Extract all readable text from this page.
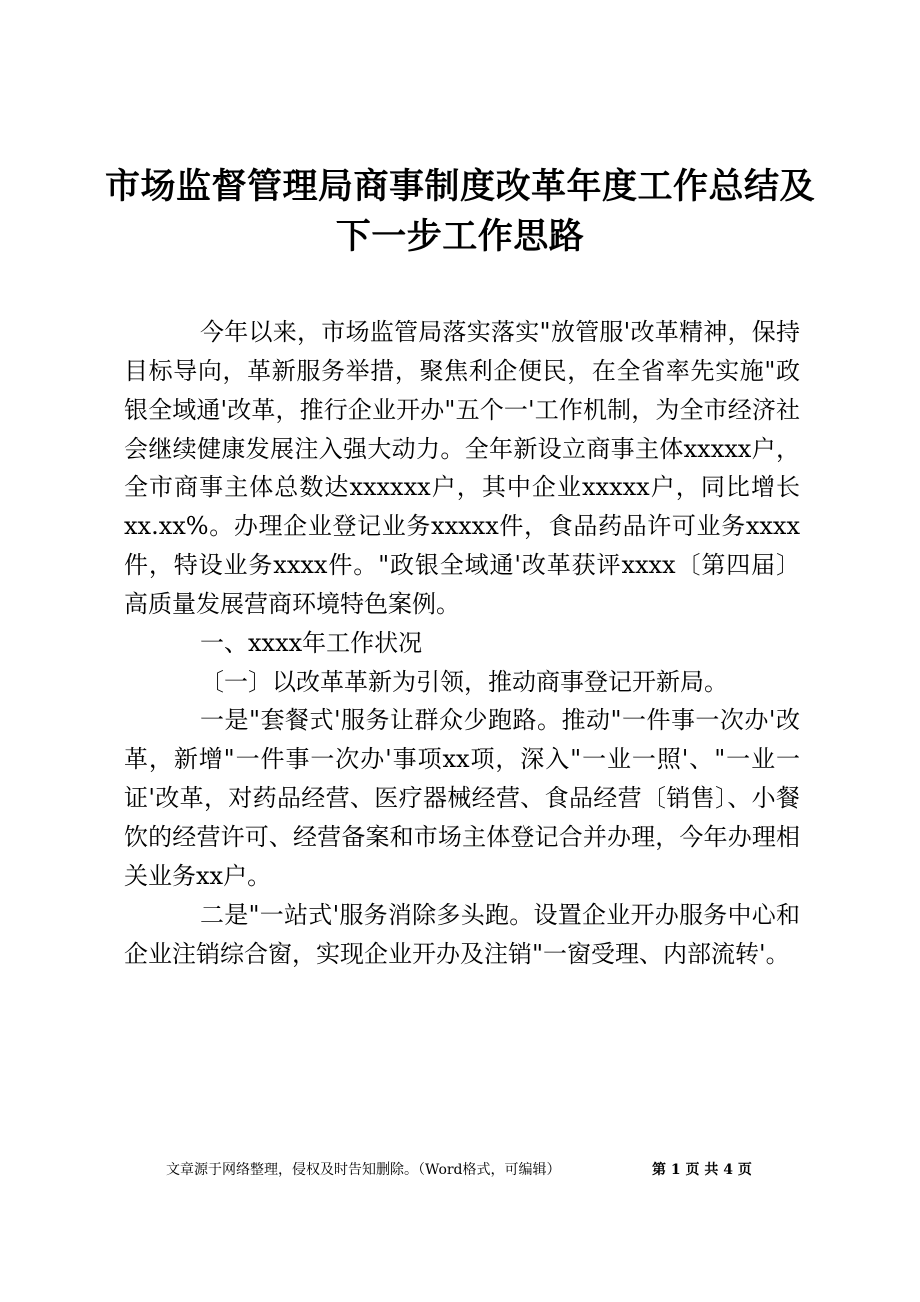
市场监督管理局商事制度改革年度工作总结及
下一步工作思路

今年以来，市场监管局落实落实"放管服'改革精神，保持目标导向，革新服务举措，聚焦利企便民，在全省率先实施"政银全域通'改革，推行企业开办"五个一'工作机制，为全市经济社会继续健康发展注入强大动力。全年新设立商事主体xxxxx户，全市商事主体总数达xxxxxx户，其中企业xxxxx户，同比增长xx.xx%。办理企业登记业务xxxxx件，食品药品许可业务xxxx件，特设业务xxxx件。"政银全域通'改革获评xxxx〔第四届〕高质量发展营商环境特色案例。

一、xxxx年工作状况

〔一〕以改革革新为引领，推动商事登记开新局。

一是"套餐式'服务让群众少跑路。推动"一件事一次办'改革，新增"一件事一次办'事项xx项，深入"一业一照'、"一业一证'改革，对药品经营、医疗器械经营、食品经营〔销售〕、小餐饮的经营许可、经营备案和市场主体登记合并办理，今年办理相关业务xx户。

二是"一站式'服务消除多头跑。设置企业开办服务中心和企业注销综合窗，实现企业开办及注销"一窗受理、内部流转'。

文章源于网络整理，侵权及时告知删除。（Word格式，可编辑）	第 1 页 共 4 页
